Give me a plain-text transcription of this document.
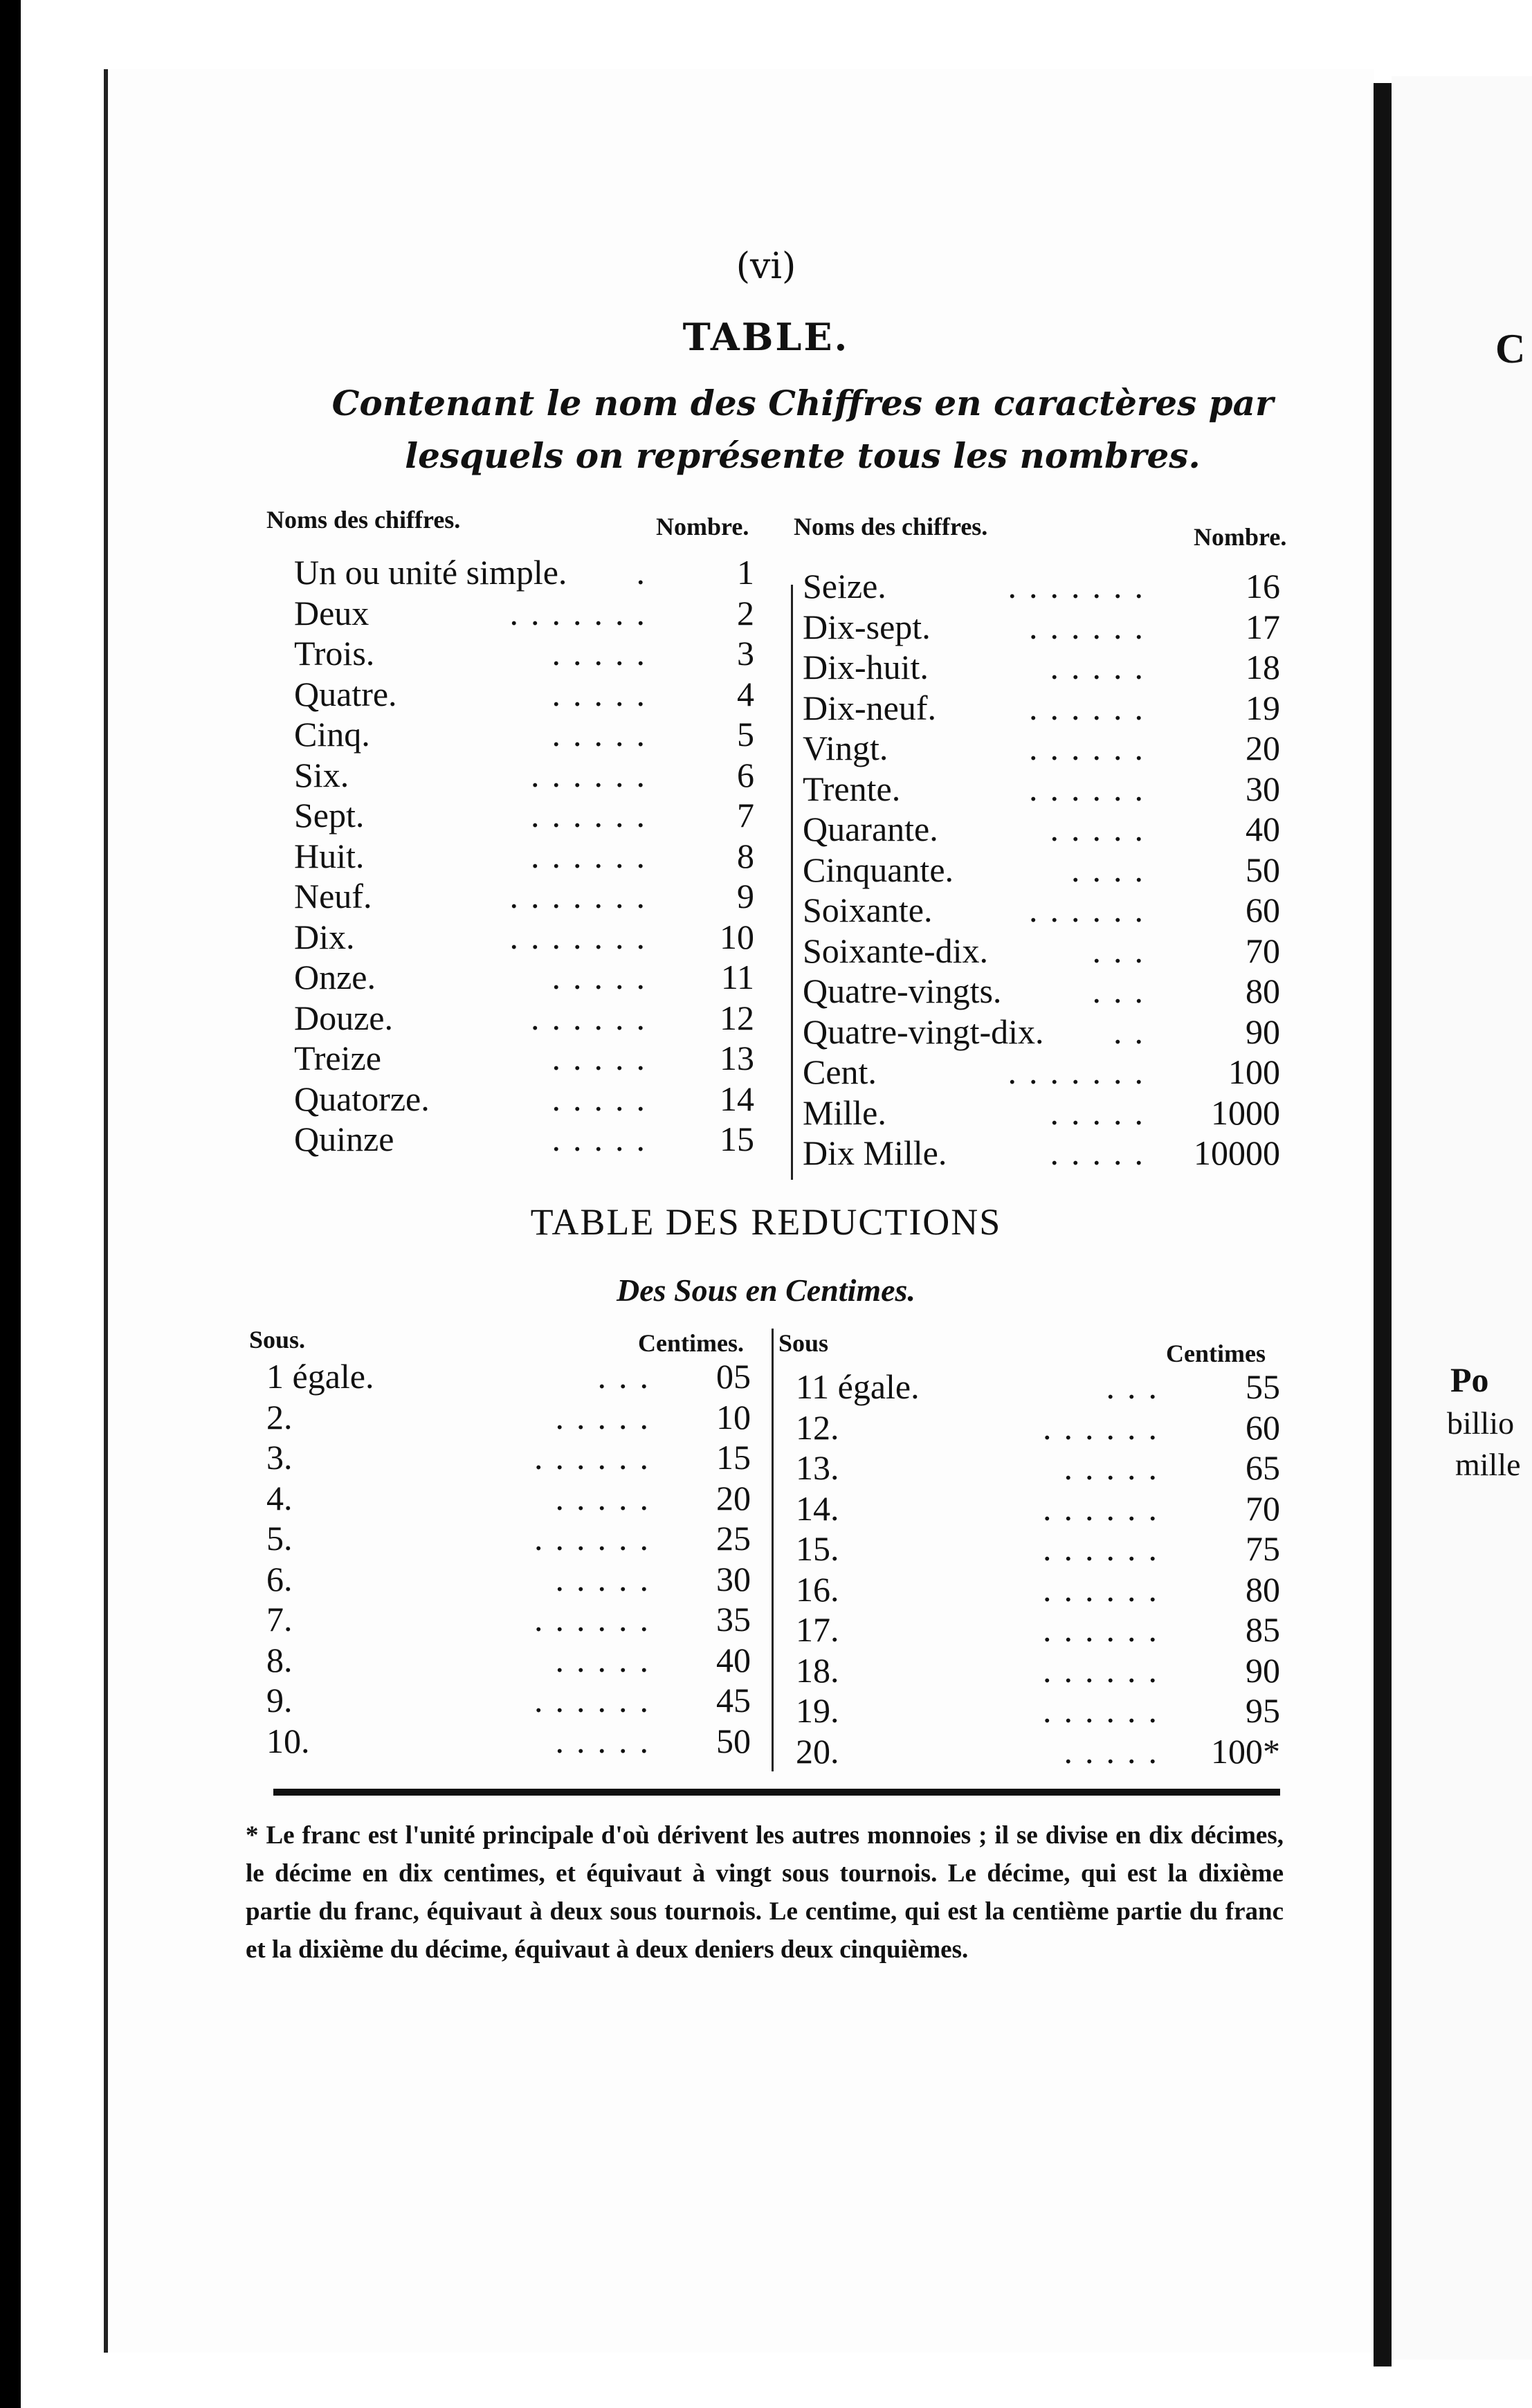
C
Po
billio
mille
(vi)
TABLE.
Contenant le nom des Chiffres en caractères par lesquels on représente tous les nombres.
Noms des chiffres.	Nombre. Noms des chiffres.	Nombre.
Un ou unité simple. .	1
Deux	.......	2
Trois.	.....	3
Quatre.	.....	4
Cinq.	.....	5
Six.	......	6
Sept.	......	7
Huit.	......	8
Neuf.	.......	9
Dix.	.......	10
Onze.	.....	11
Douze.	......	12
Treize	.....	13
Quatorze.	.....	14
Quinze	.....	15
Seize.	.......	16
Dix-sept.	......	17
Dix-huit.	.....	18
Dix-neuf.	......	19
Vingt.	......	20
Trente.	......	30
Quarante.	.....	40
Cinquante.	....	50
Soixante.	......	60
Soixante-dix.	...	70
Quatre-vingts.	...	80
Quatre-vingt-dix. ..	90
Cent.	.......	100
Mille.	.....	1000
Dix Mille.	.....	10000
TABLE DES REDUCTIONS
Des Sous en Centimes.
Sous.	Centimes. Sous	Centimes
1 égale.	...	05
2.	.....	10
3.	......	15
4.	.....	20
5.	......	25
6.	.....	30
7.	......	35
8.	.....	40
9.	......	45
10.	.....	50
11 égale.	...	55
12.	......	60
13.	.....	65
14.	......	70
15.	......	75
16.	......	80
17.	......	85
18.	......	90
19.	......	95
20.	.....	100*
* Le franc est l'unité principale d'où dérivent les autres monnoies ; il se divise en dix décimes, le décime en dix centimes, et équivaut à vingt sous tournois. Le décime, qui est la dixième partie du franc, équivaut à deux sous tournois. Le centime, qui est la centième partie du franc et la dixième du décime, équivaut à deux deniers deux cinquièmes.
